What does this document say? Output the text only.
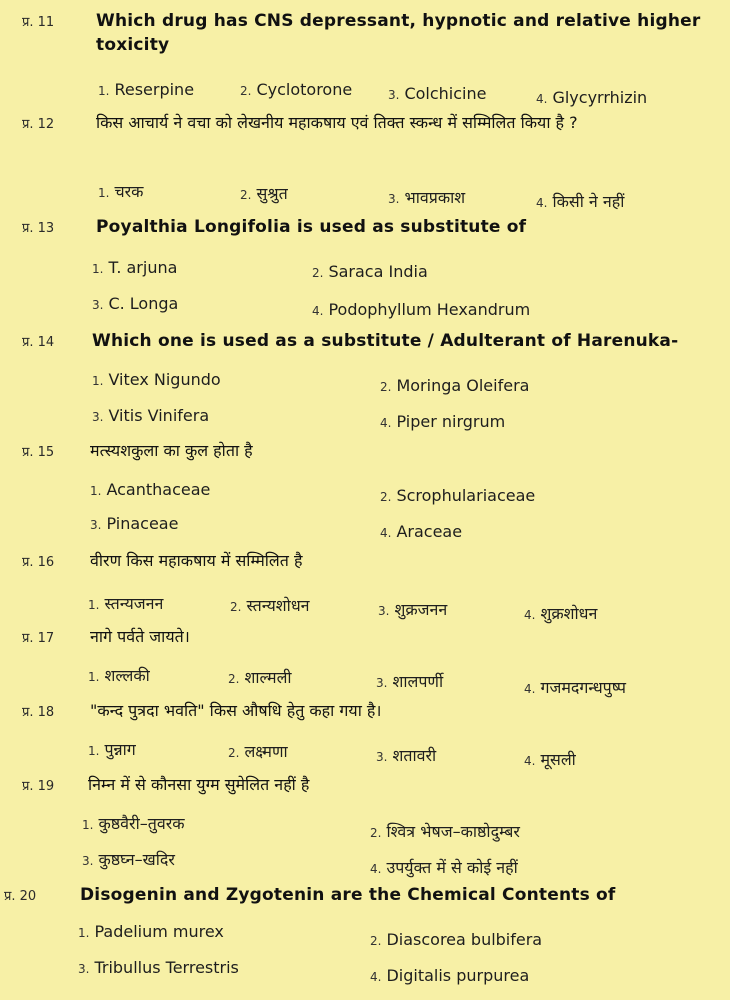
प्र. 11 Which drug has CNS depressant, hypnotic and relative higher toxicity
1. Reserpine	2. Cyclotorone	3. Colchicine	4. Glycyrrhizin
प्र. 12	किस आचार्य ने वचा को लेखनीय महाकषाय एवं तिक्त स्कन्ध में सम्मिलित किया है ?
1. चरक	2. सुश्रुत	3. भावप्रकाश	4. किसी ने नहीं
प्र. 13 Poyalthia Longifolia is used as substitute of
1. T. arjuna	2. Saraca India
3. C. Longa	4. Podophyllum Hexandrum
प्र. 14 Which one is used as a substitute / Adulterant of Harenuka-
1. Vitex Nigundo	2. Moringa Oleifera
3. Vitis Vinifera	4. Piper nirgrum
प्र. 15 मत्स्यशकुला का कुल होता है
1. Acanthaceae	2. Scrophulariaceae
3. Pinaceae	4. Araceae
प्र. 16 वीरण किस महाकषाय में सम्मिलित है
1. स्तन्यजनन	2. स्तन्यशोधन	3. शुक्रजनन	4. शुक्रशोधन
प्र. 17 नागे पर्वते जायते।
1. शल्लकी	2. शाल्मली	3. शालपर्णी	4. गजमदगन्धपुष्प
प्र. 18 "कन्द पुत्रदा भवति" किस औषधि हेतु कहा गया है।
1. पुन्नाग	2. लक्ष्मणा	3. शतावरी	4. मूसली
प्र. 19 निम्न में से कौनसा युग्म सुमेलित नहीं है
1. कुष्ठवैरी–तुवरक	2. श्वित्र भेषज–काष्ठोदुम्बर
3. कुष्ठघ्न–खदिर	4. उपर्युक्त में से कोई नहीं
प्र. 20	Disogenin and Zygotenin are the Chemical Contents of
1. Padelium murex	2. Diascorea bulbifera
3. Tribullus Terrestris	4. Digitalis purpurea
